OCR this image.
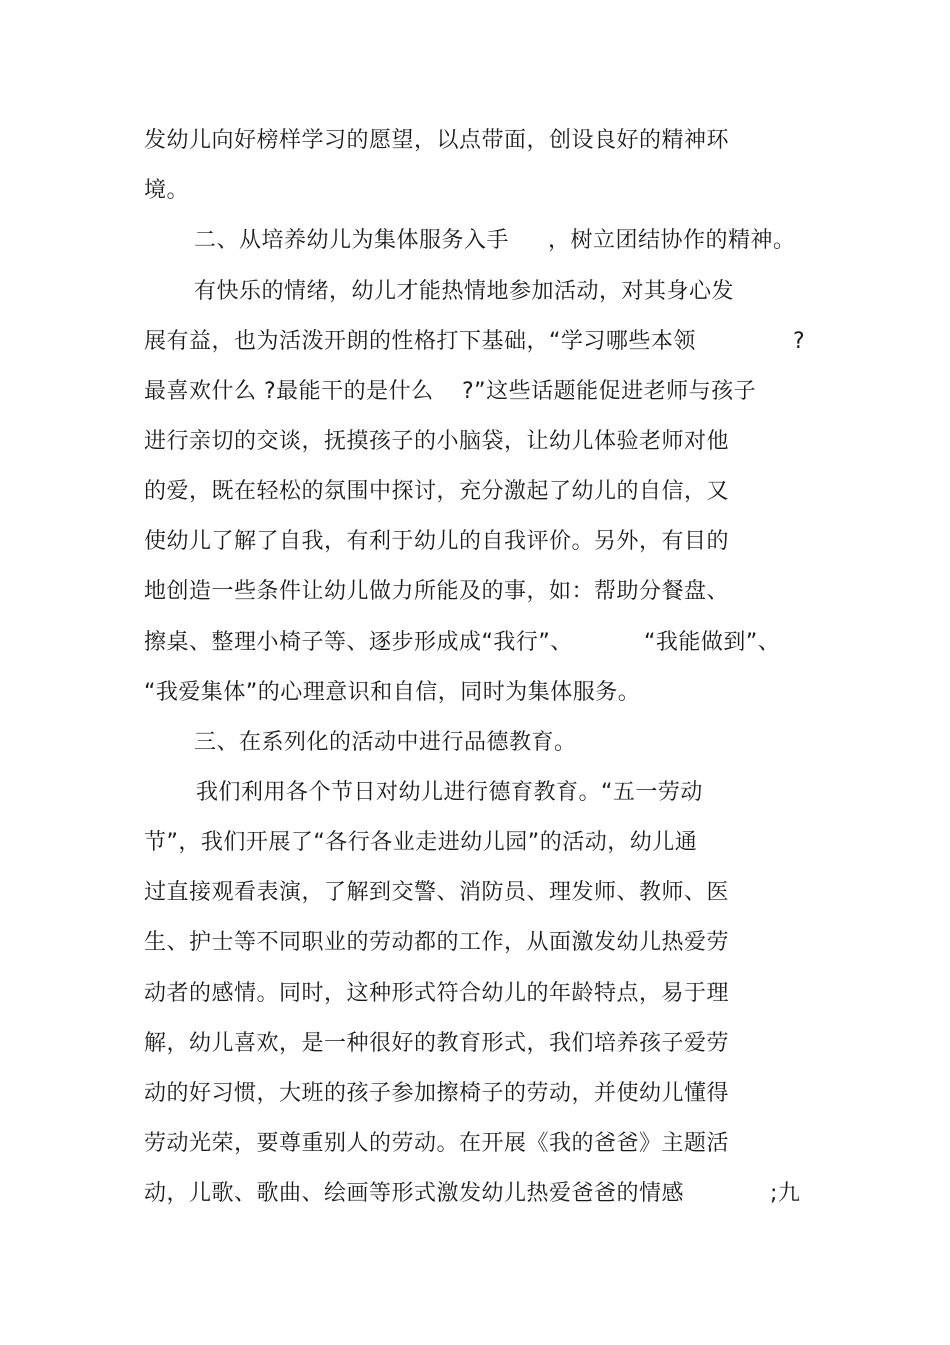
发幼儿向好榜样学习的愿望，以点带面，创设良好的精神环
境。
二、从培养幼儿为集体服务入手 ，树立团结协作的精神。
有快乐的情绪，幼儿才能热情地参加活动，对其身心发
展有益，也为活泼开朗的性格打下基础，“学习哪些本领	?
最喜欢什么 ?最能干的是什么 ?”这些话题能促进老师与孩子
进行亲切的交谈，抚摸孩子的小脑袋，让幼儿体验老师对他
的爱，既在轻松的氛围中探讨，充分激起了幼儿的自信，又
使幼儿了解了自我，有利于幼儿的自我评价。另外，有目的
地创造一些条件让幼儿做力所能及的事，如：帮助分餐盘、
擦桌、整理小椅子等、逐步形成成“我行”、	“我能做到”、
“我爱集体”的心理意识和自信，同时为集体服务。
三、在系列化的活动中进行品德教育。
我们利用各个节日对幼儿进行德育教育。“五一劳动
节”，我们开展了“各行各业走进幼儿园”的活动，幼儿通
过直接观看表演，了解到交警、消防员、理发师、教师、医
生、护士等不同职业的劳动都的工作，从面激发幼儿热爱劳
动者的感情。同时，这种形式符合幼儿的年龄特点，易于理
解，幼儿喜欢，是一种很好的教育形式，我们培养孩子爱劳
动的好习惯，大班的孩子参加擦椅子的劳动，并使幼儿懂得
劳动光荣，要尊重别人的劳动。在开展《我的爸爸》主题活
动，儿歌、歌曲、绘画等形式激发幼儿热爱爸爸的情感	;九
